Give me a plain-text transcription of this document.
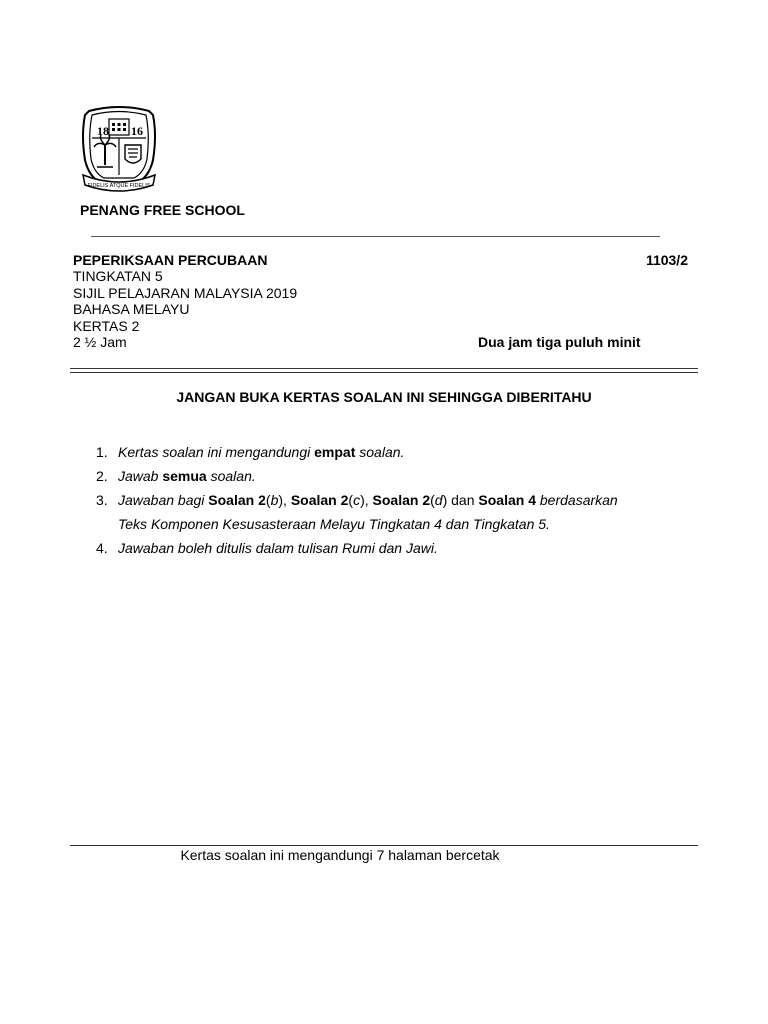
FIDELIS ATQUE FIDELIS
18 16
PENANG FREE SCHOOL
PEPERIKSAAN PERCUBAAN
TINGKATAN 5
SIJIL PELAJARAN MALAYSIA 2019
BAHASA MELAYU
KERTAS 2
2 ½ Jam
1103/2
Dua jam tiga puluh minit
JANGAN BUKA KERTAS SOALAN INI SEHINGGA DIBERITAHU
1. Kertas soalan ini mengandungi empat soalan.
2. Jawab semua soalan.
3. Jawaban bagi Soalan 2(b), Soalan 2(c), Soalan 2(d) dan Soalan 4 berdasarkan
Teks Komponen Kesusasteraan Melayu Tingkatan 4 dan Tingkatan 5.
4. Jawaban boleh ditulis dalam tulisan Rumi dan Jawi.
Kertas soalan ini mengandungi 7 halaman bercetak
